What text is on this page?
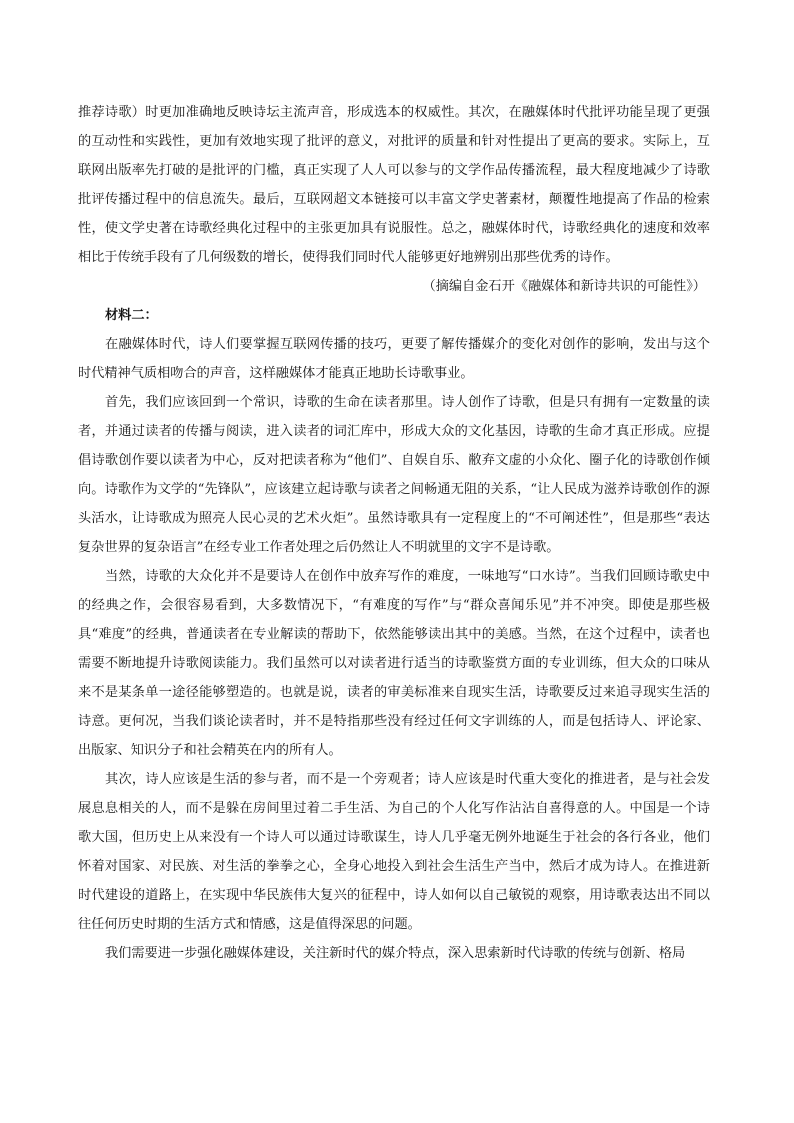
推荐诗歌）时更加准确地反映诗坛主流声音，形成选本的权威性。其次，在融媒体时代批评功能呈现了更强的互动性和实践性，更加有效地实现了批评的意义，对批评的质量和针对性提出了更高的要求。实际上，互联网出版率先打破的是批评的门槛，真正实现了人人可以参与的文学作品传播流程，最大程度地减少了诗歌批评传播过程中的信息流失。最后，互联网超文本链接可以丰富文学史著素材，颠覆性地提高了作品的检索性，使文学史著在诗歌经典化过程中的主张更加具有说服性。总之，融媒体时代，诗歌经典化的速度和效率相比于传统手段有了几何级数的增长，使得我们同时代人能够更好地辨别出那些优秀的诗作。

（摘编自金石开《融媒体和新诗共识的可能性》）

材料二：

在融媒体时代，诗人们要掌握互联网传播的技巧，更要了解传播媒介的变化对创作的影响，发出与这个时代精神气质相吻合的声音，这样融媒体才能真正地助长诗歌事业。

首先，我们应该回到一个常识，诗歌的生命在读者那里。诗人创作了诗歌，但是只有拥有一定数量的读者，并通过读者的传播与阅读，进入读者的词汇库中，形成大众的文化基因，诗歌的生命才真正形成。应提倡诗歌创作要以读者为中心，反对把读者称为“他们”、自娱自乐、敝弃文虚的小众化、圈子化的诗歌创作倾向。诗歌作为文学的“先锋队”，应该建立起诗歌与读者之间畅通无阻的关系，“让人民成为滋养诗歌创作的源头活水，让诗歌成为照亮人民心灵的艺术火炬”。虽然诗歌具有一定程度上的“不可阐述性”，但是那些“表达复杂世界的复杂语言”在经专业工作者处理之后仍然让人不明就里的文字不是诗歌。

当然，诗歌的大众化并不是要诗人在创作中放弃写作的难度，一味地写“口水诗”。当我们回顾诗歌史中的经典之作，会很容易看到，大多数情况下，“有难度的写作”与“群众喜闻乐见”并不冲突。即使是那些极具“难度”的经典，普通读者在专业解读的帮助下，依然能够读出其中的美感。当然，在这个过程中，读者也需要不断地提升诗歌阅读能力。我们虽然可以对读者进行适当的诗歌鉴赏方面的专业训练，但大众的口味从来不是某条单一途径能够塑造的。也就是说，读者的审美标准来自现实生活，诗歌要反过来追寻现实生活的诗意。更何况，当我们谈论读者时，并不是特指那些没有经过任何文字训练的人，而是包括诗人、评论家、出版家、知识分子和社会精英在内的所有人。

其次，诗人应该是生活的参与者，而不是一个旁观者；诗人应该是时代重大变化的推进者，是与社会发展息息相关的人，而不是躲在房间里过着二手生活、为自己的个人化写作沾沾自喜得意的人。中国是一个诗歌大国，但历史上从来没有一个诗人可以通过诗歌谋生，诗人几乎毫无例外地诞生于社会的各行各业，他们怀着对国家、对民族、对生活的拳拳之心，全身心地投入到社会生活生产当中，然后才成为诗人。在推进新时代建设的道路上，在实现中华民族伟大复兴的征程中，诗人如何以自己敏锐的观察，用诗歌表达出不同以往任何历史时期的生活方式和情感，这是值得深思的问题。

我们需要进一步强化融媒体建设，关注新时代的媒介特点，深入思索新时代诗歌的传统与创新、格局
